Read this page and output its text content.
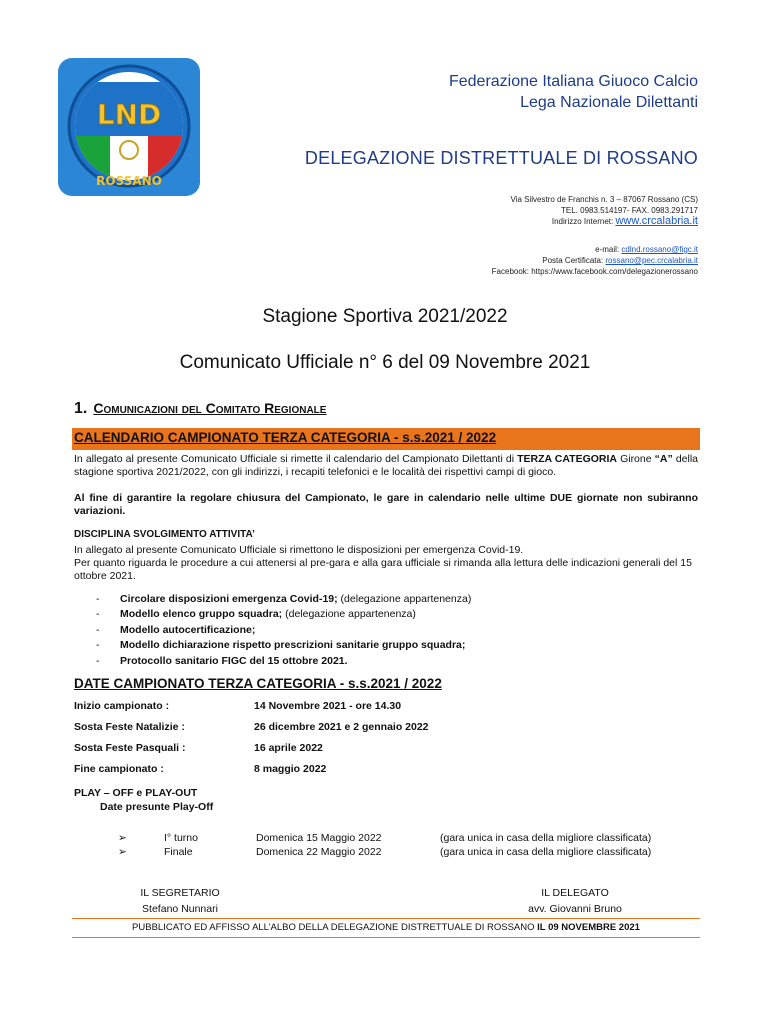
LND
ROSSANO
Federazione Italiana Giuoco Calcio
Lega Nazionale Dilettanti
DELEGAZIONE DISTRETTUALE DI ROSSANO
Via Silvestro de Franchis n. 3 – 87067 Rossano (CS)
TEL. 0983.514197- FAX. 0983.291717
Indirizzo Internet: www.crcalabria.it
e-mail: cdlnd.rossano@figc.it
Posta Certificata: rossano@pec.crcalabria.it
Facebook: https://www.facebook.com/delegazionerossano
Stagione Sportiva 2021/2022
Comunicato Ufficiale n° 6 del 09 Novembre 2021
1. Comunicazioni del Comitato Regionale
CALENDARIO CAMPIONATO TERZA CATEGORIA - s.s.2021 / 2022
In allegato al presente Comunicato Ufficiale si rimette il calendario del Campionato Dilettanti di TERZA CATEGORIA Girone “A” della stagione sportiva 2021/2022, con gli indirizzi, i recapiti telefonici e le località dei rispettivi campi di gioco.
Al fine di garantire la regolare chiusura del Campionato, le gare in calendario nelle ultime DUE giornate non subiranno variazioni.
DISCIPLINA SVOLGIMENTO ATTIVITA’
In allegato al presente Comunicato Ufficiale si rimettono le disposizioni per emergenza Covid-19.
Per quanto riguarda le procedure a cui attenersi al pre-gara e alla gara ufficiale si rimanda alla lettura delle indicazioni generali del 15 ottobre 2021.
- Circolare disposizioni emergenza Covid-19; (delegazione appartenenza)
- Modello elenco gruppo squadra; (delegazione appartenenza)
- Modello autocertificazione;
- Modello dichiarazione rispetto prescrizioni sanitarie gruppo squadra;
- Protocollo sanitario FIGC del 15 ottobre 2021.
DATE CAMPIONATO TERZA CATEGORIA - s.s.2021 / 2022
Inizio campionato :	14 Novembre 2021 - ore 14.30
Sosta Feste Natalizie :	26 dicembre 2021 e 2 gennaio 2022
Sosta Feste Pasquali :	16 aprile 2022
Fine campionato :	8 maggio 2022
PLAY – OFF e PLAY-OUT
Date presunte Play-Off
➢	I° turno	Domenica 15 Maggio 2022	(gara unica in casa della migliore classificata)
➢	Finale	Domenica 22 Maggio 2022	(gara unica in casa della migliore classificata)
IL SEGRETARIO
Stefano Nunnari
IL DELEGATO
avv. Giovanni Bruno
PUBBLICATO ED AFFISSO ALL’ALBO DELLA DELEGAZIONE DISTRETTUALE DI ROSSANO IL 09 NOVEMBRE 2021
